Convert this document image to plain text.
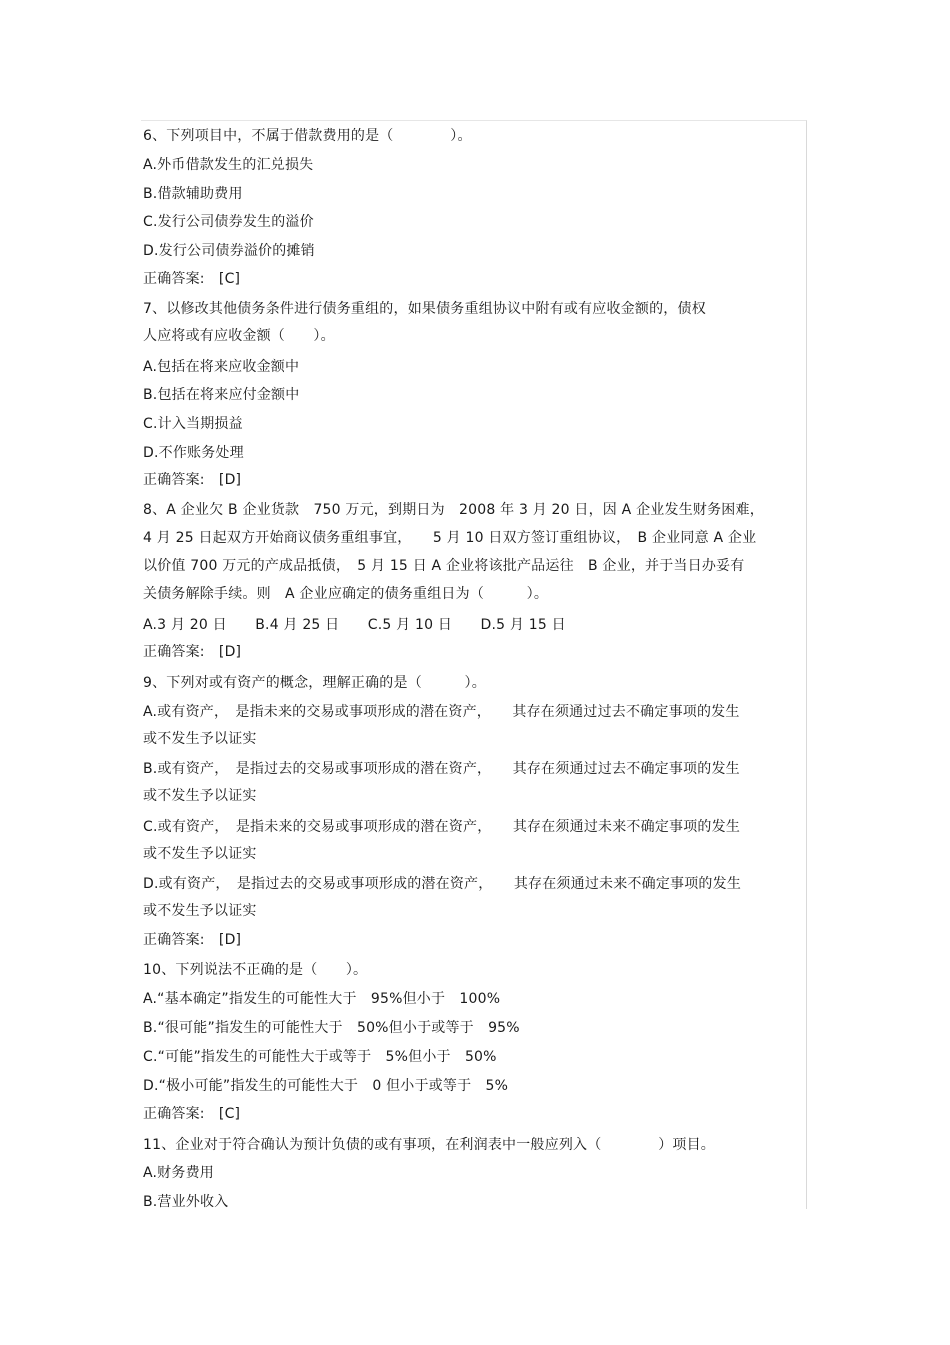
6、下列项目中，不属于借款费用的是（　　　　）。
A.外币借款发生的汇兑损失
B.借款辅助费用
C.发行公司债券发生的溢价
D.发行公司债券溢价的摊销
正确答案:　[C]
7、以修改其他债务条件进行债务重组的，如果债务重组协议中附有或有应收金额的，债权
人应将或有应收金额（　　）。
A.包括在将来应收金额中
B.包括在将来应付金额中
C.计入当期损益
D.不作账务处理
正确答案:　[D]
8、A 企业欠 B 企业货款　750 万元，到期日为　2008 年 3 月 20 日，因 A 企业发生财务困难，
4 月 25 日起双方开始商议债务重组事宜，　　5 月 10 日双方签订重组协议，　B 企业同意 A 企业
以价值 700 万元的产成品抵债，　5 月 15 日 A 企业将该批产品运往　B 企业，并于当日办妥有
关债务解除手续。则　A 企业应确定的债务重组日为（　　　）。
A.3 月 20 日　　B.4 月 25 日　　C.5 月 10 日　　D.5 月 15 日
正确答案:　[D]
9、下列对或有资产的概念，理解正确的是（　　　）。
A.或有资产，　是指未来的交易或事项形成的潜在资产，　　其存在须通过过去不确定事项的发生
或不发生予以证实
B.或有资产，　是指过去的交易或事项形成的潜在资产，　　其存在须通过过去不确定事项的发生
或不发生予以证实
C.或有资产，　是指未来的交易或事项形成的潜在资产，　　其存在须通过未来不确定事项的发生
或不发生予以证实
D.或有资产，　是指过去的交易或事项形成的潜在资产，　　其存在须通过未来不确定事项的发生
或不发生予以证实
正确答案:　[D]
10、下列说法不正确的是（　　）。
A.“基本确定”指发生的可能性大于　95%但小于　100%
B.“很可能”指发生的可能性大于　50%但小于或等于　95%
C.“可能”指发生的可能性大于或等于　5%但小于　50%
D.“极小可能”指发生的可能性大于　0 但小于或等于　5%
正确答案:　[C]
11、企业对于符合确认为预计负债的或有事项，在利润表中一般应列入（　　　　）项目。
A.财务费用
B.营业外收入
